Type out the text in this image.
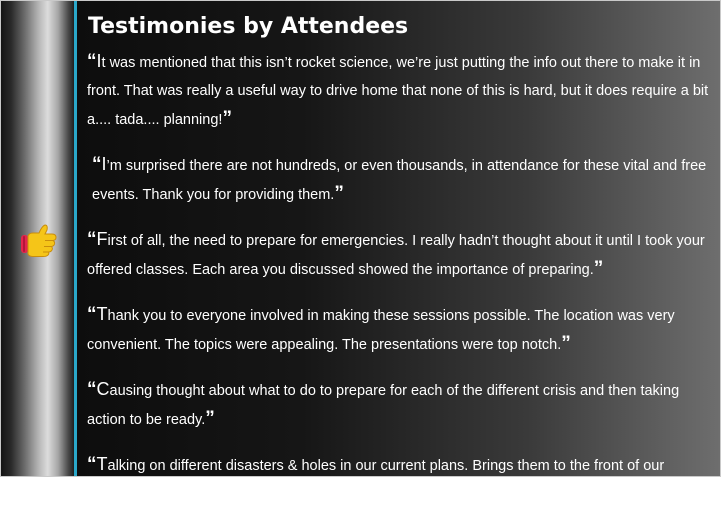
Testimonies by Attendees

“It was mentioned that this isn’t rocket science, we’re just putting the info out there to make it in front. That was really a useful way to drive home that none of this is hard, but it does require a bit a.... tada.... planning!”

“I’m surprised there are not hundreds, or even thousands, in attendance for these vital and free events. Thank you for providing them.”

“First of all, the need to prepare for emergencies. I really hadn’t thought about it until I took your offered classes. Each area you discussed showed the importance of preparing.”

“Thank you to everyone involved in making these sessions possible. The location was very convenient. The topics were appealing. The presentations were top notch.”

“Causing thought about what to do to prepare for each of the different crisis and then taking action to be ready.”

“Talking on different disasters & holes in our current plans. Brings them to the front of our mind.”
